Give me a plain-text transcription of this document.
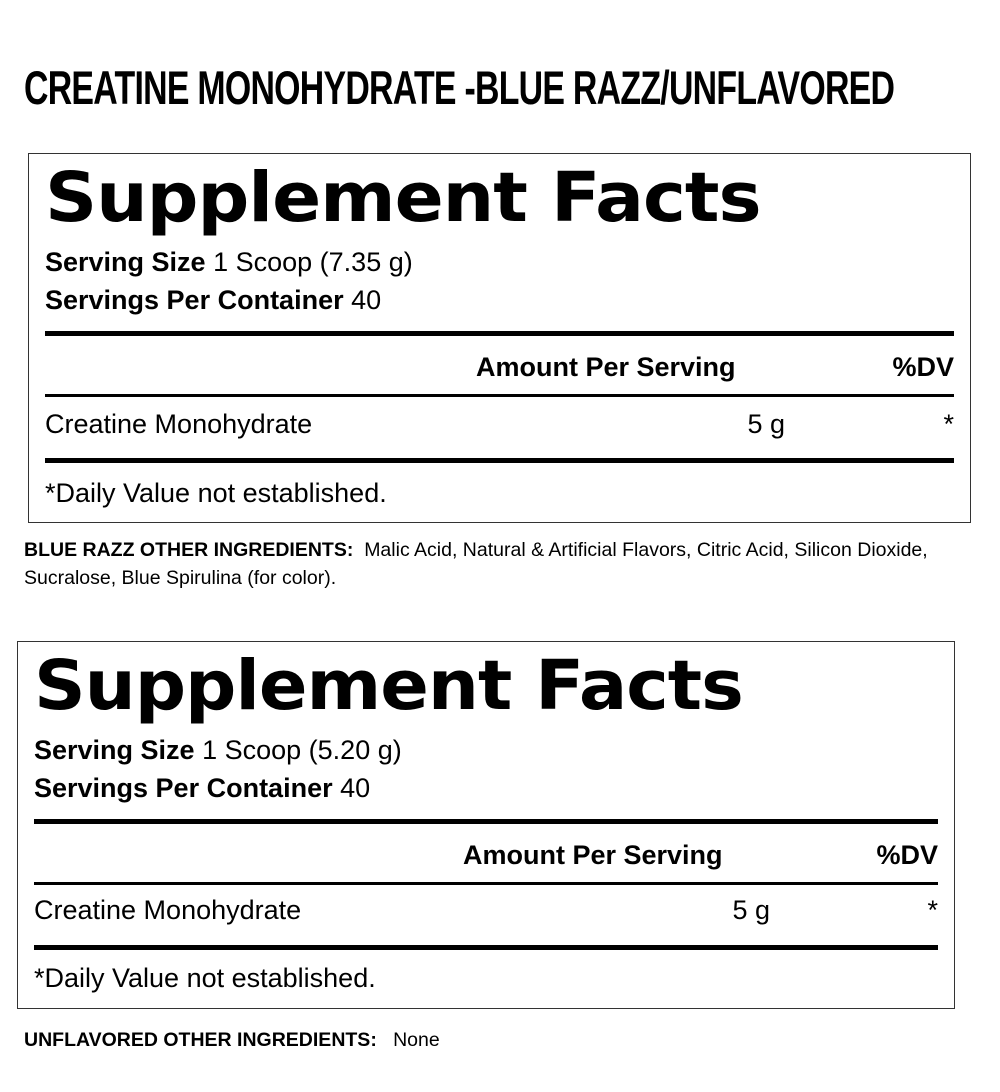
CREATINE MONOHYDRATE -BLUE RAZZ/UNFLAVORED
Supplement Facts
Serving Size 1 Scoop (7.35 g)
Servings Per Container 40
Amount Per Serving	%DV
Creatine Monohydrate	5 g	*
*Daily Value not established.
BLUE RAZZ OTHER INGREDIENTS: Malic Acid, Natural & Artificial Flavors, Citric Acid, Silicon Dioxide, Sucralose, Blue Spirulina (for color).
Supplement Facts
Serving Size 1 Scoop (5.20 g)
Servings Per Container 40
Amount Per Serving	%DV
Creatine Monohydrate	5 g	*
*Daily Value not established.
UNFLAVORED OTHER INGREDIENTS: None
